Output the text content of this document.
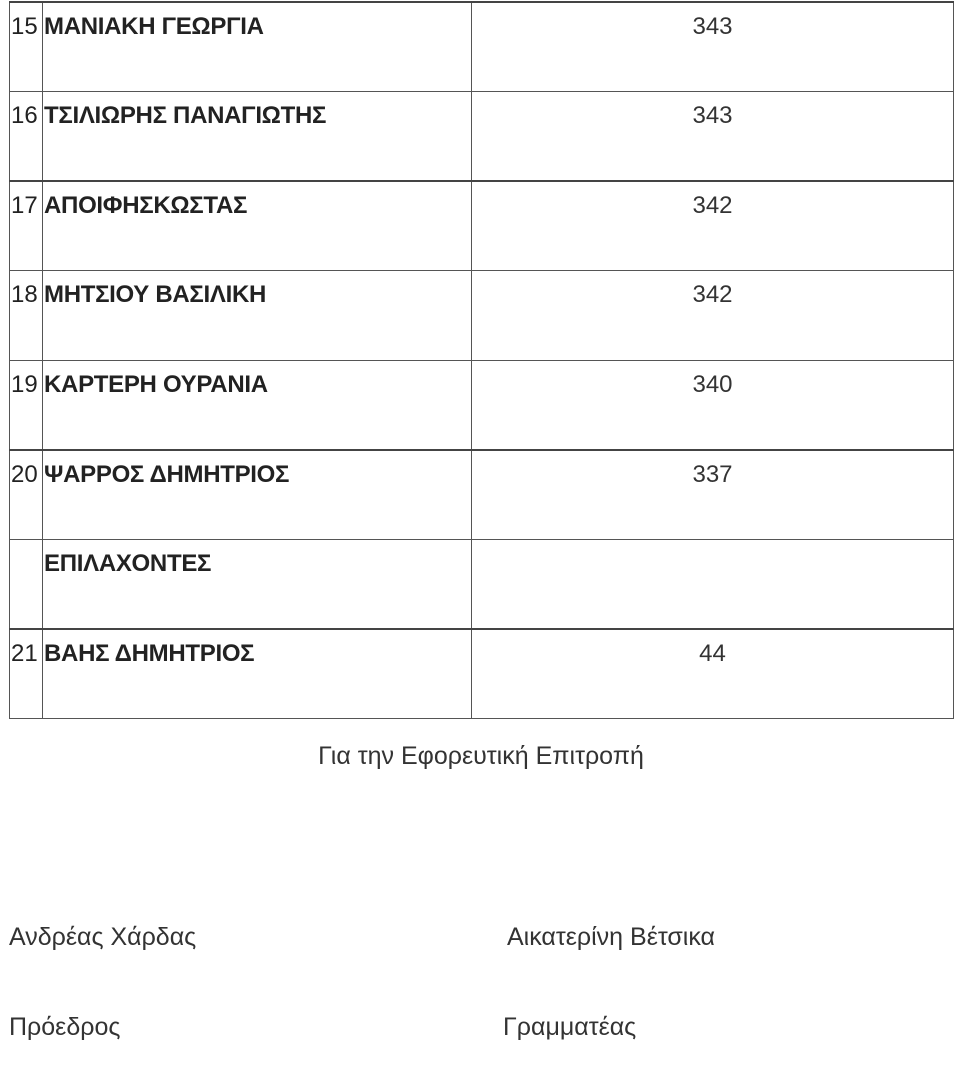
15	ΜΑΝΙΑΚΗ ΓΕΩΡΓΙΑ	343
16	ΤΣΙΛΙΩΡΗΣ ΠΑΝΑΓΙΩΤΗΣ	343
17	ΑΠΟΙΦΗΣΚΩΣΤΑΣ	342
18	ΜΗΤΣΙΟΥ ΒΑΣΙΛΙΚΗ	342
19	ΚΑΡΤΕΡΗ ΟΥΡΑΝΙΑ	340
20	ΨΑΡΡΟΣ ΔΗΜΗΤΡΙΟΣ	337
	ΕΠΙΛΑΧΟΝΤΕΣ	
21	ΒΑΗΣ ΔΗΜΗΤΡΙΟΣ	44
Για την Εφορευτική Επιτροπή
Ανδρέας Χάρδας	Αικατερίνη Βέτσικα
Πρόεδρος	Γραμματέας
